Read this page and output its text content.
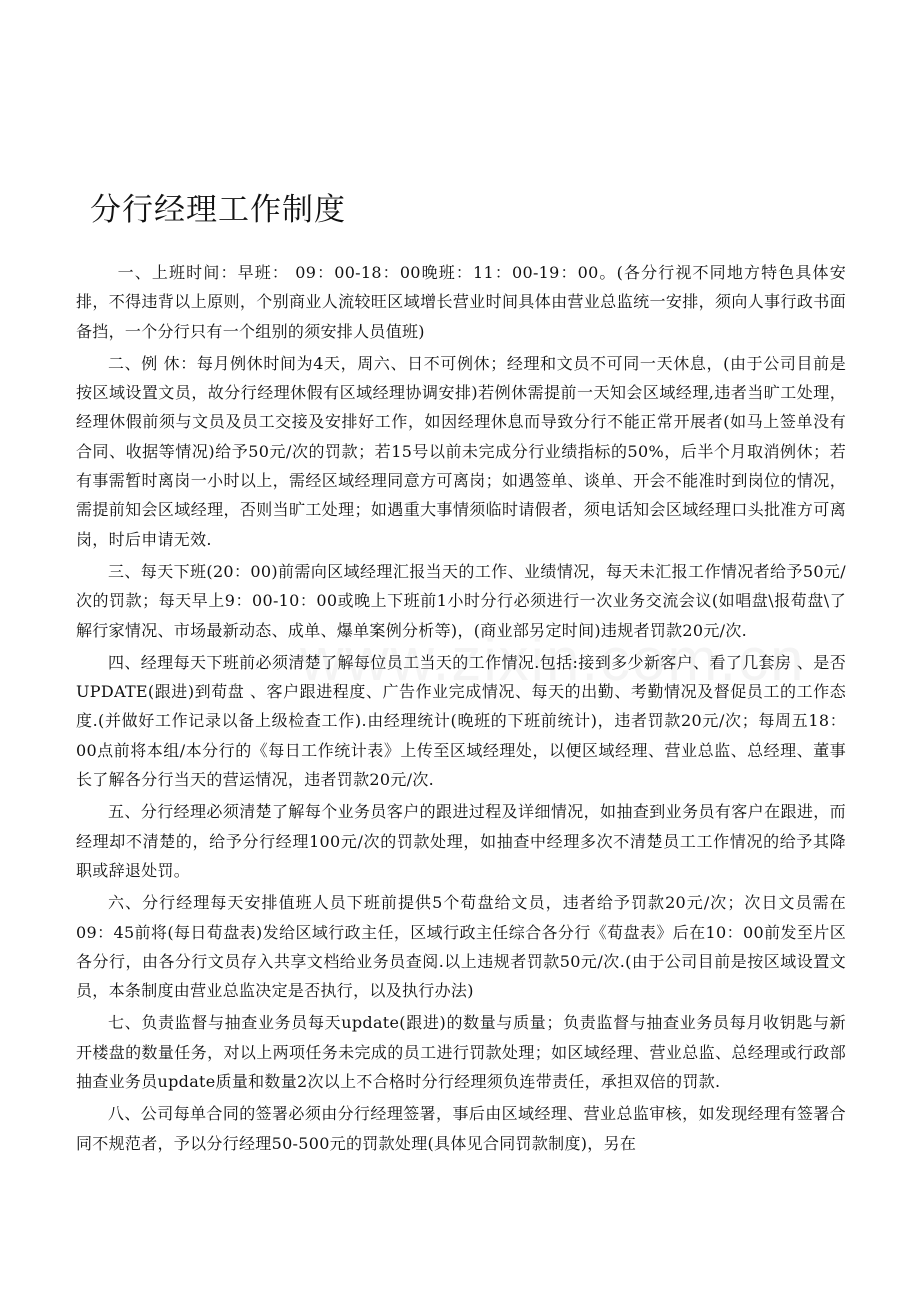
分行经理工作制度

一、上班时间：早班： 09：00-18：00晚班：11：00-19：00。(各分行视不同地方特色具体安排，不得违背以上原则，个别商业人流较旺区域增长营业时间具体由营业总监统一安排，须向人事行政书面备挡，一个分行只有一个组别的须安排人员值班)

二、例 休：每月例休时间为4天，周六、日不可例休；经理和文员不可同一天休息，(由于公司目前是按区域设置文员，故分行经理休假有区域经理协调安排)若例休需提前一天知会区域经理,违者当旷工处理，经理休假前须与文员及员工交接及安排好工作，如因经理休息而导致分行不能正常开展者(如马上签单没有合同、收据等情况)给予50元/次的罚款；若15号以前未完成分行业绩指标的50%，后半个月取消例休；若有事需暂时离岗一小时以上，需经区域经理同意方可离岗；如遇签单、谈单、开会不能准时到岗位的情况，需提前知会区域经理，否则当旷工处理；如遇重大事情须临时请假者，须电话知会区域经理口头批准方可离岗，时后申请无效.

三、每天下班(20：00)前需向区域经理汇报当天的工作、业绩情况，每天未汇报工作情况者给予50元/次的罚款；每天早上9：00-10：00或晚上下班前1小时分行必须进行一次业务交流会议(如唱盘\报荀盘\了解行家情况、市场最新动态、成单、爆单案例分析等)，(商业部另定时间)违规者罚款20元/次.

四、经理每天下班前必须清楚了解每位员工当天的工作情况.包括:接到多少新客户、看了几套房 、是否UPDATE(跟进)到荀盘 、客户跟进程度、广告作业完成情况、每天的出勤、考勤情况及督促员工的工作态度.(并做好工作记录以备上级检查工作).由经理统计(晚班的下班前统计)，违者罚款20元/次；每周五18：00点前将本组/本分行的《每日工作统计表》上传至区域经理处，以便区域经理、营业总监、总经理、董事长了解各分行当天的营运情况，违者罚款20元/次.

五、分行经理必须清楚了解每个业务员客户的跟进过程及详细情况，如抽查到业务员有客户在跟进，而经理却不清楚的，给予分行经理100元/次的罚款处理，如抽查中经理多次不清楚员工工作情况的给予其降职或辞退处罚。

六、分行经理每天安排值班人员下班前提供5个荀盘给文员，违者给予罚款20元/次；次日文员需在09：45前将(每日荀盘表)发给区域行政主任，区域行政主任综合各分行《荀盘表》后在10：00前发至片区各分行，由各分行文员存入共享文档给业务员查阅.以上违规者罚款50元/次.(由于公司目前是按区域设置文员，本条制度由营业总监决定是否执行，以及执行办法)

七、负责监督与抽查业务员每天update(跟进)的数量与质量；负责监督与抽查业务员每月收钥匙与新开楼盘的数量任务，对以上两项任务未完成的员工进行罚款处理；如区域经理、营业总监、总经理或行政部抽查业务员update质量和数量2次以上不合格时分行经理须负连带责任，承担双倍的罚款.

八、公司每单合同的签署必须由分行经理签署，事后由区域经理、营业总监审核，如发现经理有签署合同不规范者，予以分行经理50-500元的罚款处理(具体见合同罚款制度)，另在
